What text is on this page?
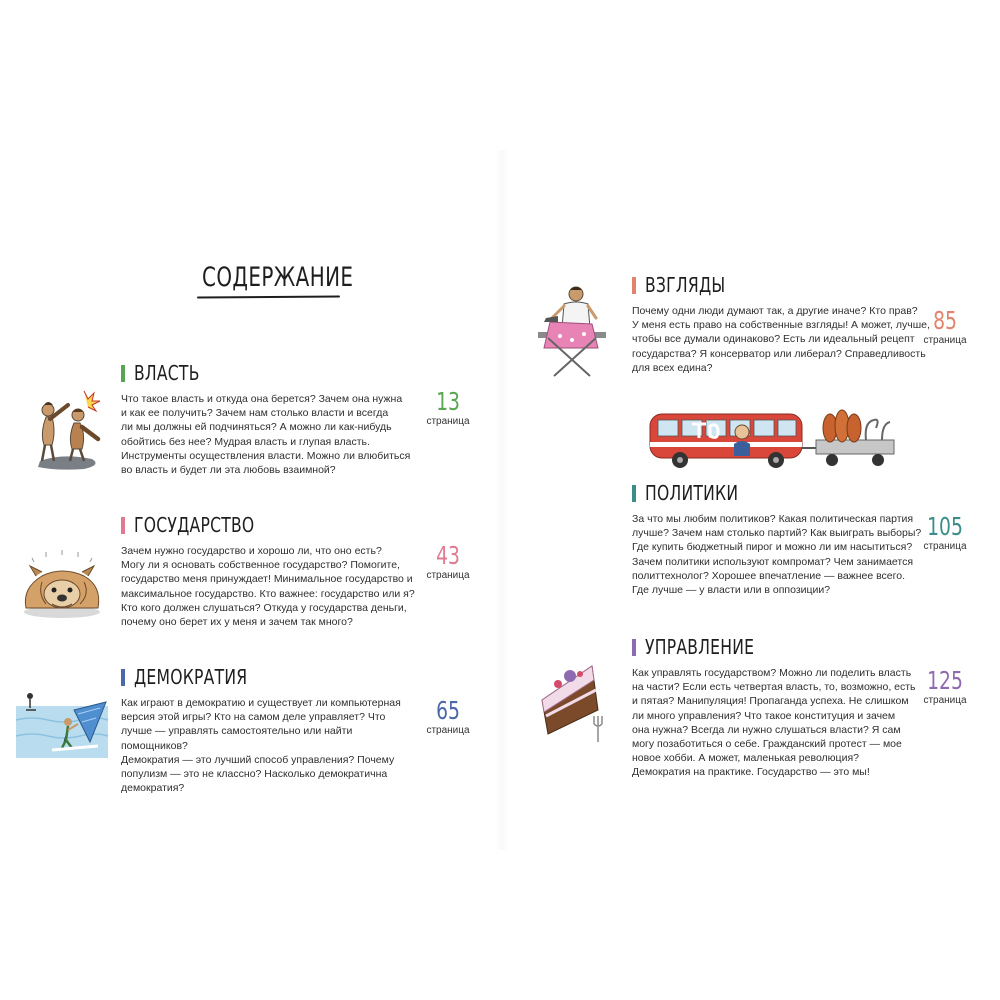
СОДЕРЖАНИЕ
ВЛАСТЬ

Что такое власть и откуда она берется? Зачем она нужна
и как ее получить? Зачем нам столько власти и всегда
ли мы должны ей подчиняться? А можно ли как-нибудь
обойтись без нее? Мудрая власть и глупая власть.
Инструменты осуществления власти. Можно ли влюбиться
во власть и будет ли эта любовь взаимной?

13
страница
ГОСУДАРСТВО

Зачем нужно государство и хорошо ли, что оно есть?
Могу ли я основать собственное государство? Помогите,
государство меня принуждает! Минимальное государство и
максимальное государство. Кто важнее: государство или я?
Кто кого должен слушаться? Откуда у государства деньги,
почему оно берет их у меня и зачем так много?

43
страница
ДЕМОКРАТИЯ

Как играют в демократию и существует ли компьютерная
версия этой игры? Кто на самом деле управляет? Что
лучше — управлять самостоятельно или найти помощников?
Демократия — это лучший способ управления? Почему
популизм — это не классно? Насколько демократична
демократия?

65
страница
ВЗГЛЯДЫ

Почему одни люди думают так, а другие иначе? Кто прав?
У меня есть право на собственные взгляды! А может, лучше,
чтобы все думали одинаково? Есть ли идеальный рецепт
государства? Я консерватор или либерал? Справедливость
для всех едина?

85
страница
ПОЛИТИКИ

За что мы любим политиков? Какая политическая партия
лучше? Зачем нам столько партий? Как выиграть выборы?
Где купить бюджетный пирог и можно ли им насытиться?
Зачем политики используют компромат? Чем занимается
политтехнолог? Хорошее впечатление — важнее всего.
Где лучше — у власти или в оппозиции?

105
страница
УПРАВЛЕНИЕ

Как управлять государством? Можно ли поделить власть
на части? Если есть четвертая власть, то, возможно, есть
и пятая? Манипуляция! Пропаганда успеха. Не слишком
ли много управления? Что такое конституция и зачем
она нужна? Всегда ли нужно слушаться власти? Я сам
могу позаботиться о себе. Гражданский протест — мое
новое хобби. А может, маленькая революция?
Демократия на практике. Государство — это мы!

125
страница
